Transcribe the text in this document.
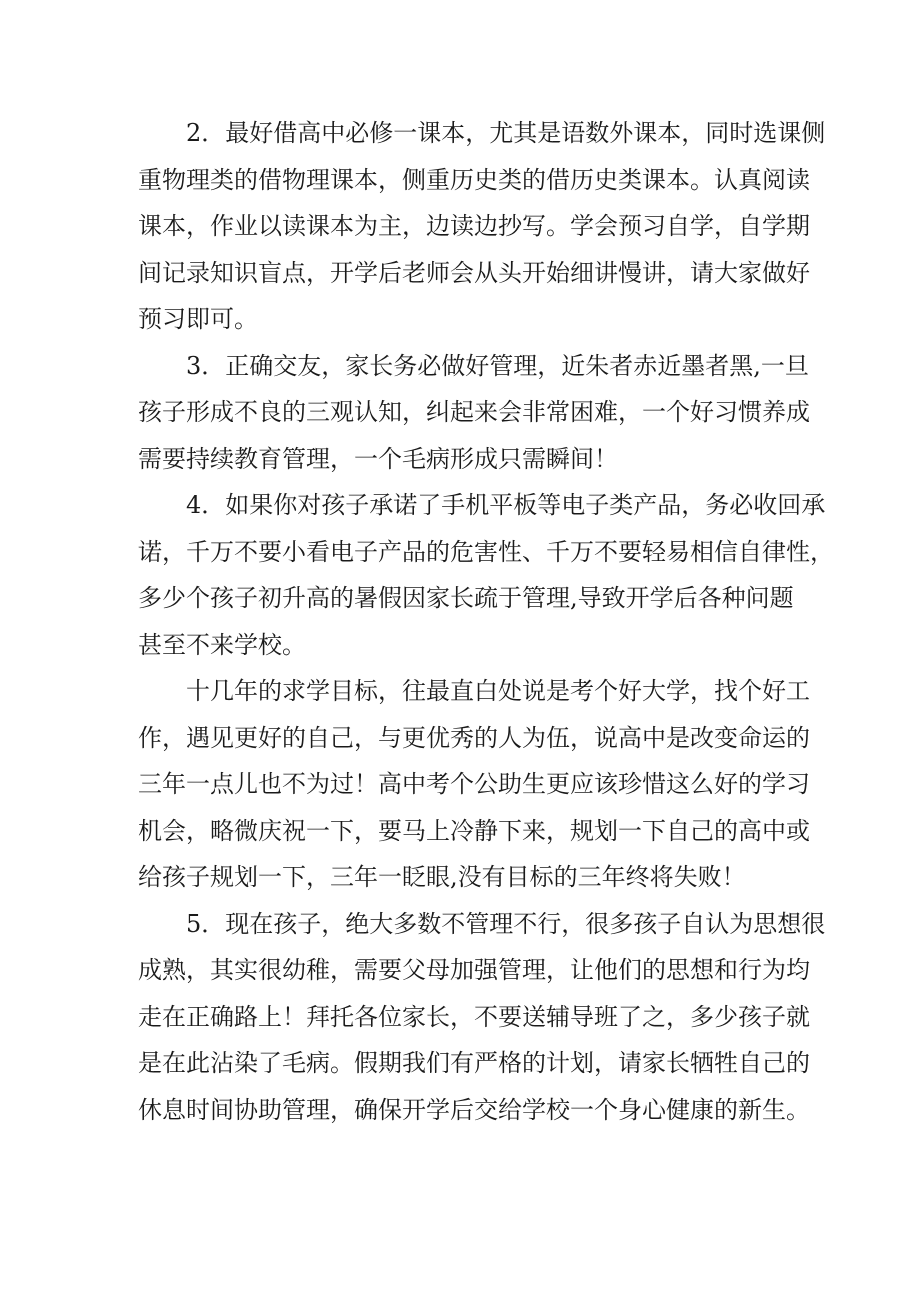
2．最好借高中必修一课本，尤其是语数外课本，同时选课侧
重物理类的借物理课本，侧重历史类的借历史类课本。认真阅读
课本，作业以读课本为主，边读边抄写。学会预习自学，自学期
间记录知识盲点，开学后老师会从头开始细讲慢讲，请大家做好
预习即可。
3．正确交友，家长务必做好管理，近朱者赤近墨者黑,一旦
孩子形成不良的三观认知，纠起来会非常困难，一个好习惯养成
需要持续教育管理，一个毛病形成只需瞬间！
4．如果你对孩子承诺了手机平板等电子类产品，务必收回承
诺，千万不要小看电子产品的危害性、千万不要轻易相信自律性，
多少个孩子初升高的暑假因家长疏于管理,导致开学后各种问题
甚至不来学校。
十几年的求学目标，往最直白处说是考个好大学，找个好工
作，遇见更好的自己，与更优秀的人为伍，说高中是改变命运的
三年一点儿也不为过！高中考个公助生更应该珍惜这么好的学习
机会，略微庆祝一下，要马上冷静下来，规划一下自己的高中或
给孩子规划一下，三年一眨眼,没有目标的三年终将失败！
5．现在孩子，绝大多数不管理不行，很多孩子自认为思想很
成熟，其实很幼稚，需要父母加强管理，让他们的思想和行为均
走在正确路上！拜托各位家长，不要送辅导班了之，多少孩子就
是在此沾染了毛病。假期我们有严格的计划，请家长牺牲自己的
休息时间协助管理，确保开学后交给学校一个身心健康的新生。
